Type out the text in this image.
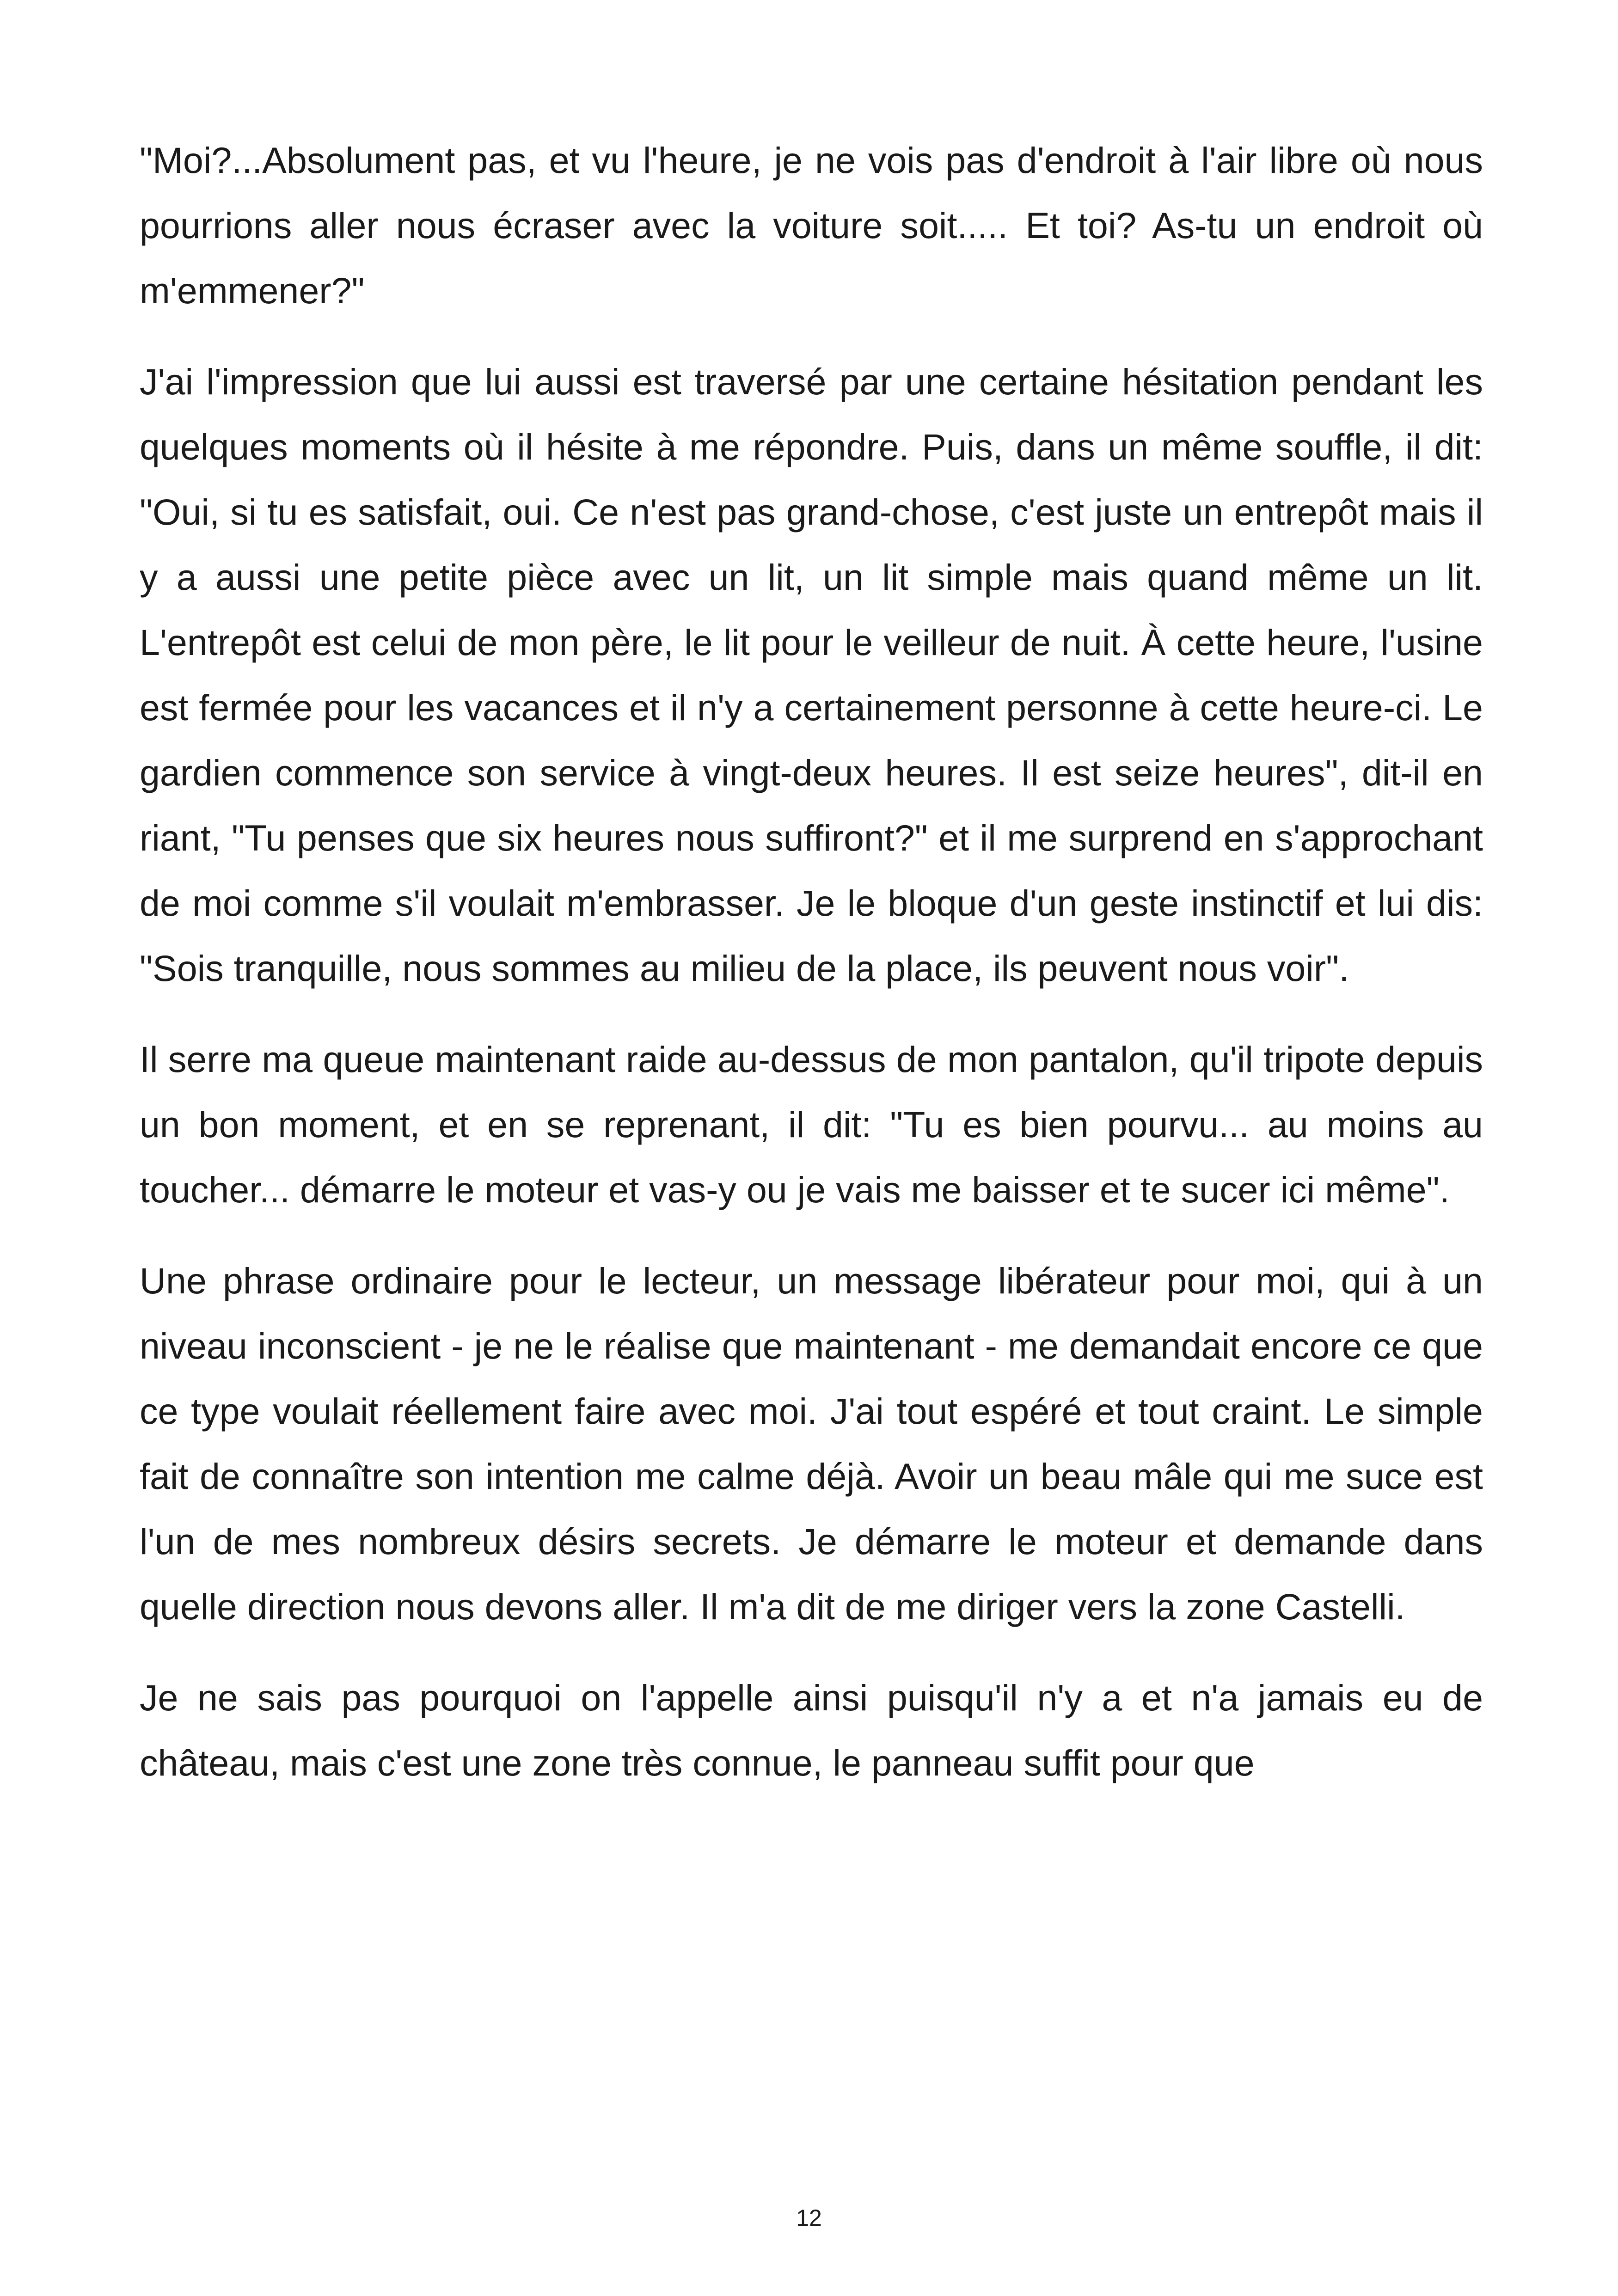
"Moi?...Absolument pas, et vu l'heure, je ne vois pas d'endroit à l'air libre où nous pourrions aller nous écraser avec la voiture soit..... Et toi? As-tu un endroit où m'emmener?"

J'ai l'impression que lui aussi est traversé par une certaine hésitation pendant les quelques moments où il hésite à me répondre. Puis, dans un même souffle, il dit: "Oui, si tu es satisfait, oui. Ce n'est pas grand-chose, c'est juste un entrepôt mais il y a aussi une petite pièce avec un lit, un lit simple mais quand même un lit. L'entrepôt est celui de mon père, le lit pour le veilleur de nuit. À cette heure, l'usine est fermée pour les vacances et il n'y a certainement personne à cette heure-ci. Le gardien commence son service à vingt-deux heures. Il est seize heures", dit-il en riant, "Tu penses que six heures nous suffiront?" et il me surprend en s'approchant de moi comme s'il voulait m'embrasser. Je le bloque d'un geste instinctif et lui dis: "Sois tranquille, nous sommes au milieu de la place, ils peuvent nous voir".

Il serre ma queue maintenant raide au-dessus de mon pantalon, qu'il tripote depuis un bon moment, et en se reprenant, il dit: "Tu es bien pourvu... au moins au toucher... démarre le moteur et vas-y ou je vais me baisser et te sucer ici même".

Une phrase ordinaire pour le lecteur, un message libérateur pour moi, qui à un niveau inconscient - je ne le réalise que maintenant - me demandait encore ce que ce type voulait réellement faire avec moi. J'ai tout espéré et tout craint. Le simple fait de connaître son intention me calme déjà. Avoir un beau mâle qui me suce est l'un de mes nombreux désirs secrets. Je démarre le moteur et demande dans quelle direction nous devons aller. Il m'a dit de me diriger vers la zone Castelli.

Je ne sais pas pourquoi on l'appelle ainsi puisqu'il n'y a et n'a jamais eu de château, mais c'est une zone très connue, le panneau suffit pour que

12
